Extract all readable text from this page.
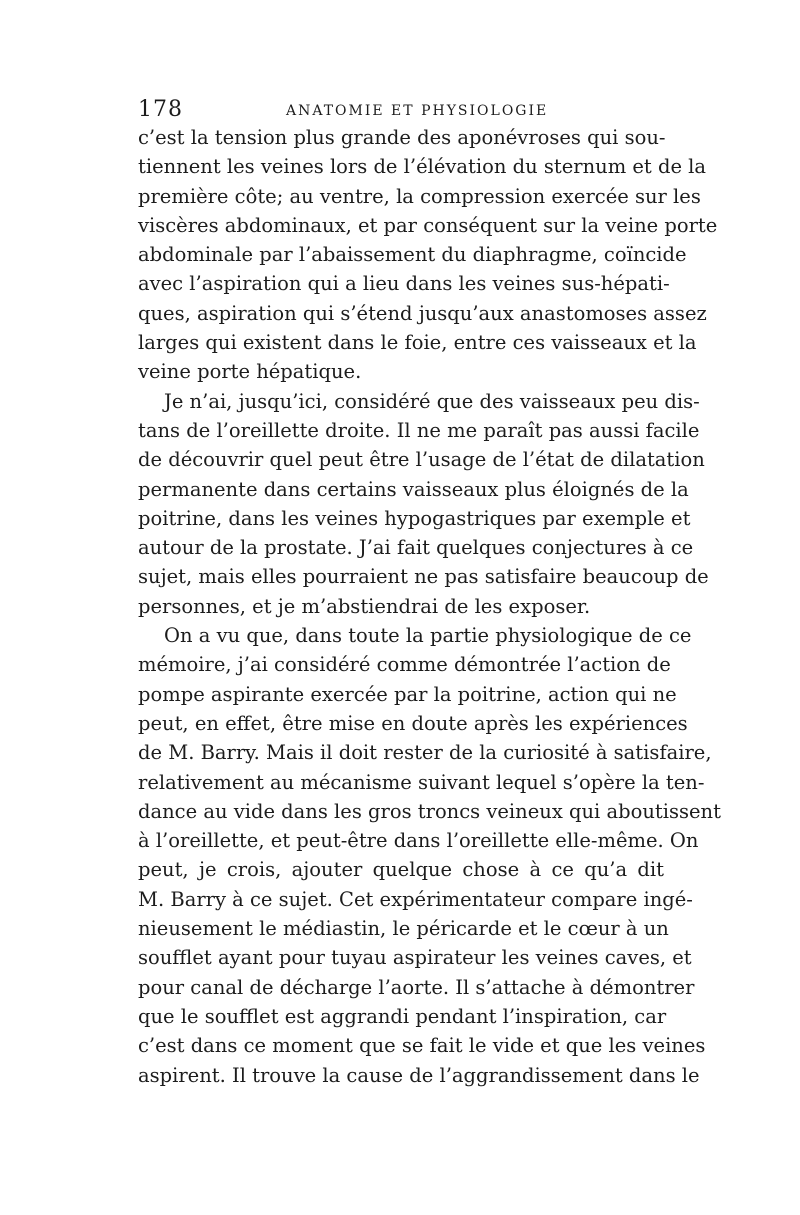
178	ANATOMIE ET PHYSIOLOGIE
c’est la tension plus grande des aponévroses qui sou-
tiennent les veines lors de l’élévation du sternum et de la
première côte; au ventre, la compression exercée sur les
viscères abdominaux, et par conséquent sur la veine porte
abdominale par l’abaissement du diaphragme, coïncide
avec l’aspiration qui a lieu dans les veines sus-hépati-
ques, aspiration qui s’étend jusqu’aux anastomoses assez
larges qui existent dans le foie, entre ces vaisseaux et la
veine porte hépatique.
Je n’ai, jusqu’ici, considéré que des vaisseaux peu dis-
tans de l’oreillette droite. Il ne me paraît pas aussi facile
de découvrir quel peut être l’usage de l’état de dilatation
permanente dans certains vaisseaux plus éloignés de la
poitrine, dans les veines hypogastriques par exemple et
autour de la prostate. J’ai fait quelques conjectures à ce
sujet, mais elles pourraient ne pas satisfaire beaucoup de
personnes, et je m’abstiendrai de les exposer.
On a vu que, dans toute la partie physiologique de ce
mémoire, j’ai considéré comme démontrée l’action de
pompe aspirante exercée par la poitrine, action qui ne
peut, en effet, être mise en doute après les expériences
de M. Barry. Mais il doit rester de la curiosité à satisfaire,
relativement au mécanisme suivant lequel s’opère la ten-
dance au vide dans les gros troncs veineux qui aboutissent
à l’oreillette, et peut-être dans l’oreillette elle-même. On
peut, je crois, ajouter quelque chose à ce qu’a dit
M. Barry à ce sujet. Cet expérimentateur compare ingé-
nieusement le médiastin, le péricarde et le cœur à un
soufflet ayant pour tuyau aspirateur les veines caves, et
pour canal de décharge l’aorte. Il s’attache à démontrer
que le soufflet est aggrandi pendant l’inspiration, car
c’est dans ce moment que se fait le vide et que les veines
aspirent. Il trouve la cause de l’aggrandissement dans le
